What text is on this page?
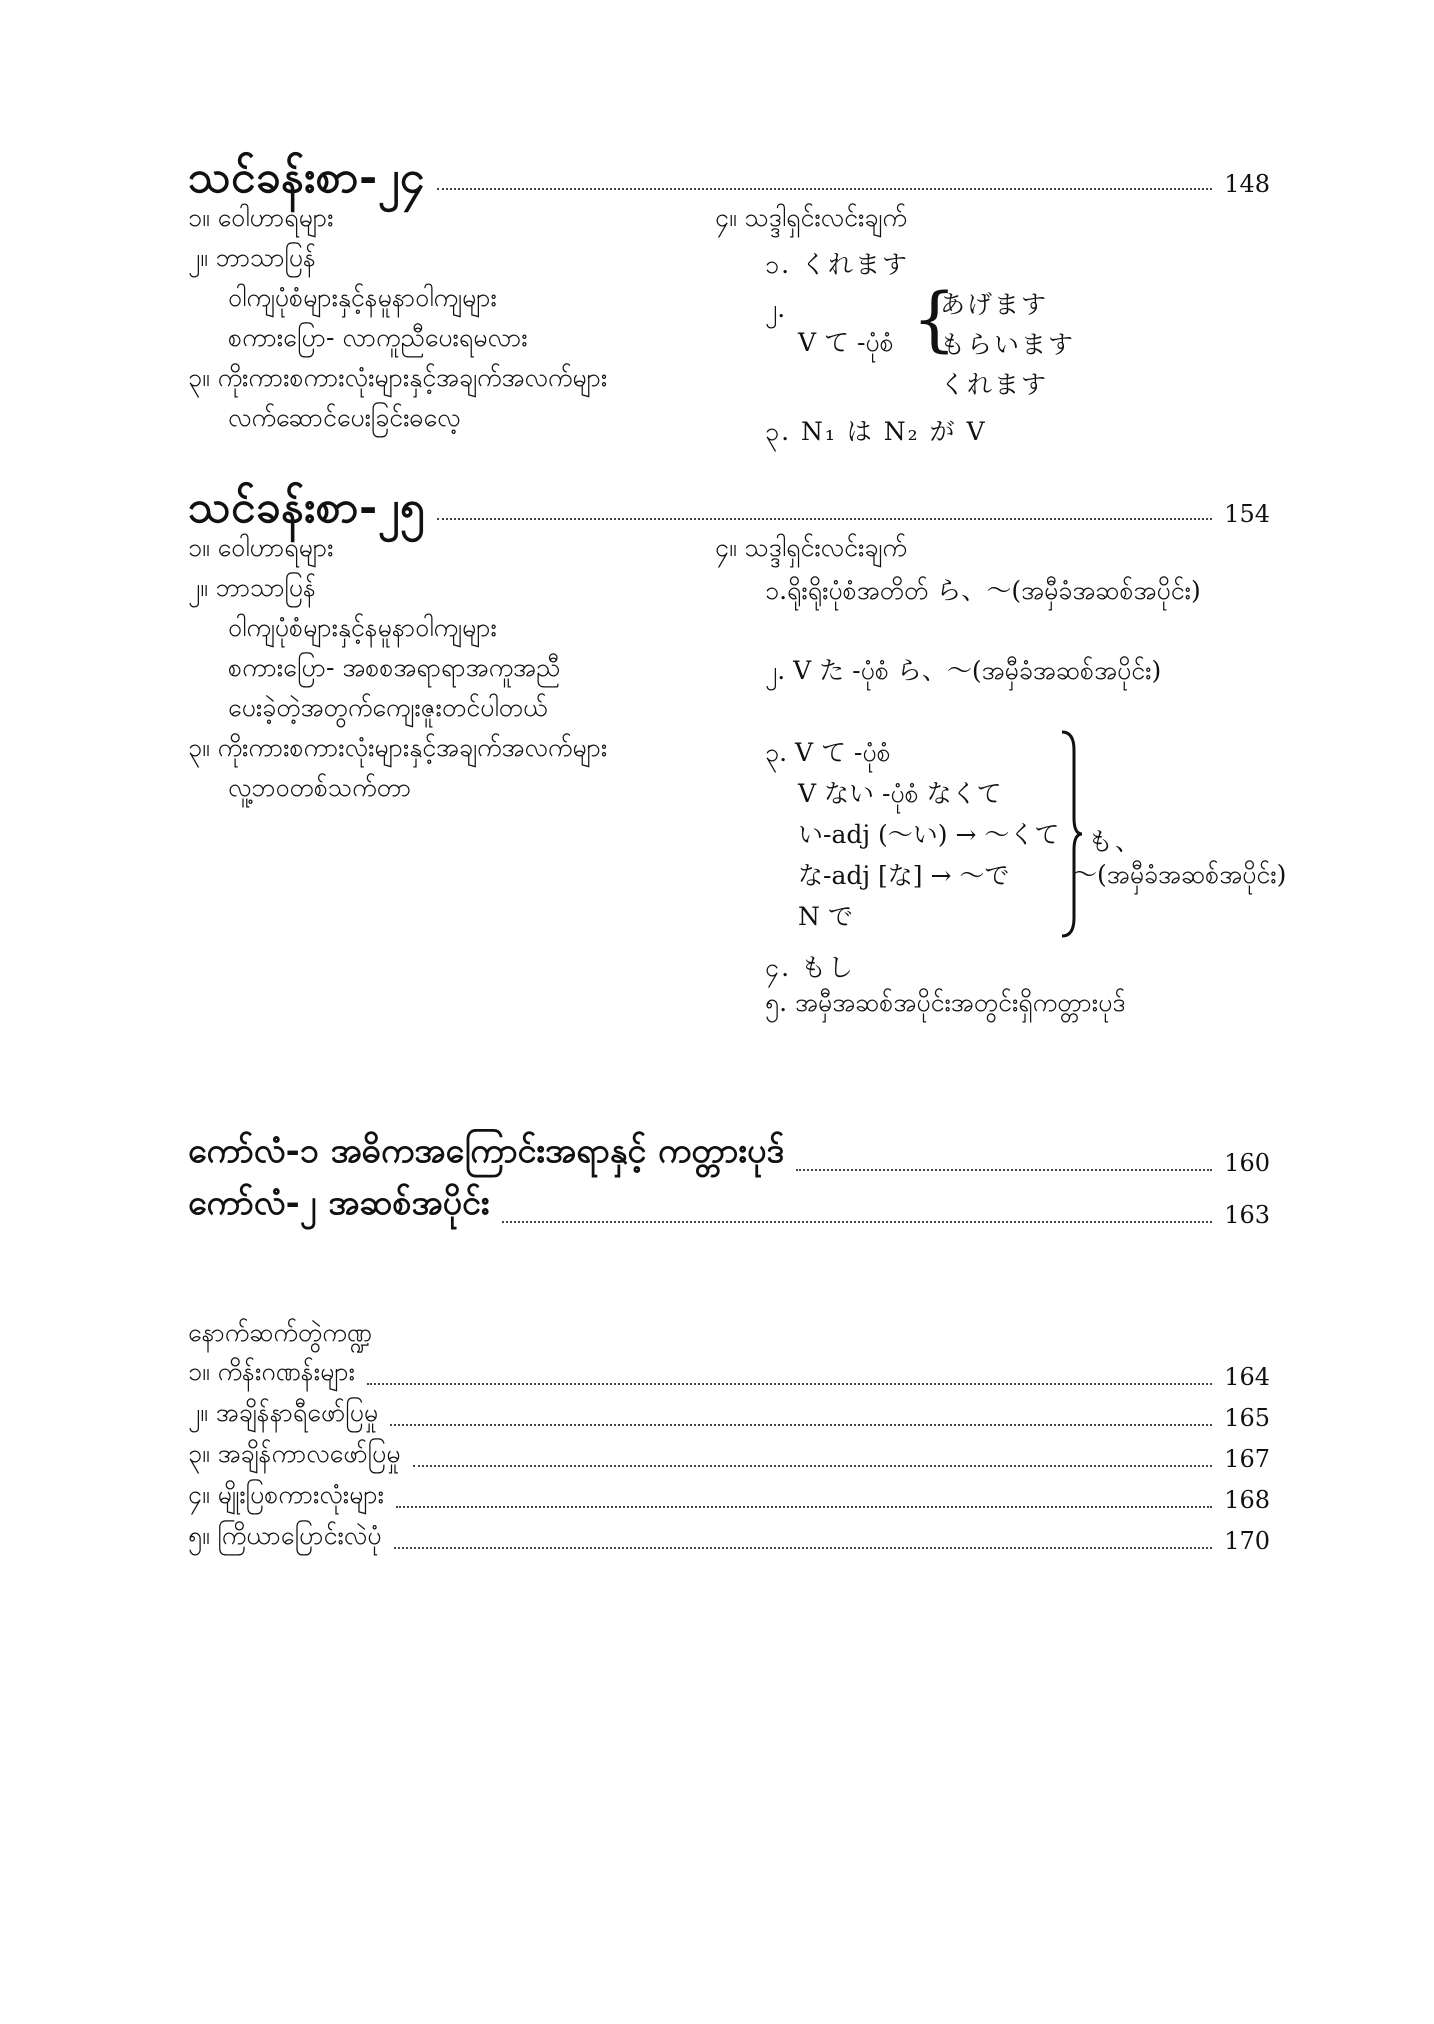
သင်ခန်းစာ-၂၄	148
၁။ ဝေါဟာရများ
၂။ ဘာသာပြန်
ဝါကျပုံစံများနှင့်နမူနာဝါကျများ
စကားပြော- လာကူညီပေးရမလား
၃။ ကိုးကားစကားလုံးများနှင့်အချက်အလက်များ
လက်ဆောင်ပေးခြင်းဓလေ့
၄။ သဒ္ဒါရှင်းလင်းချက်
၁. くれます
၂.
V て -ပုံစံ {
あげます
もらいます
くれます
၃. N₁ は N₂ が V
သင်ခန်းစာ-၂၅	154
၁။ ဝေါဟာရများ
၂။ ဘာသာပြန်
ဝါကျပုံစံများနှင့်နမူနာဝါကျများ
စကားပြော- အစစအရာရာအကူအညီ
ပေးခဲ့တဲ့အတွက်ကျေးဇူးတင်ပါတယ်
၃။ ကိုးကားစကားလုံးများနှင့်အချက်အလက်များ
လူ့ဘဝတစ်သက်တာ
၄။ သဒ္ဒါရှင်းလင်းချက်
၁.ရိုးရိုးပုံစံအတိတ် ら、～(အမှီခံအဆစ်အပိုင်း)
၂. V た -ပုံစံ ら、～(အမှီခံအဆစ်အပိုင်း)
၃. V て -ပုံစံ
V ない -ပုံစံ なくて
い-adj (～い) → ～くて
な-adj [な] → ～で
N で
も、
～(အမှီခံအဆစ်အပိုင်း)
၄. もし
၅. အမှီအဆစ်အပိုင်းအတွင်းရှိကတ္တားပုဒ်
ကော်လံ-၁ အဓိကအကြောင်းအရာနှင့် ကတ္တားပုဒ်	160
ကော်လံ-၂ အဆစ်အပိုင်း	163
နောက်ဆက်တွဲကဏ္ဍ
၁။ ကိန်းဂဏန်းများ	164
၂။ အချိန်နာရီဖော်ပြမှု	165
၃။ အချိန်ကာလဖော်ပြမှု	167
၄။ မျိုးပြစကားလုံးများ	168
၅။ ကြိယာပြောင်းလဲပုံ	170
